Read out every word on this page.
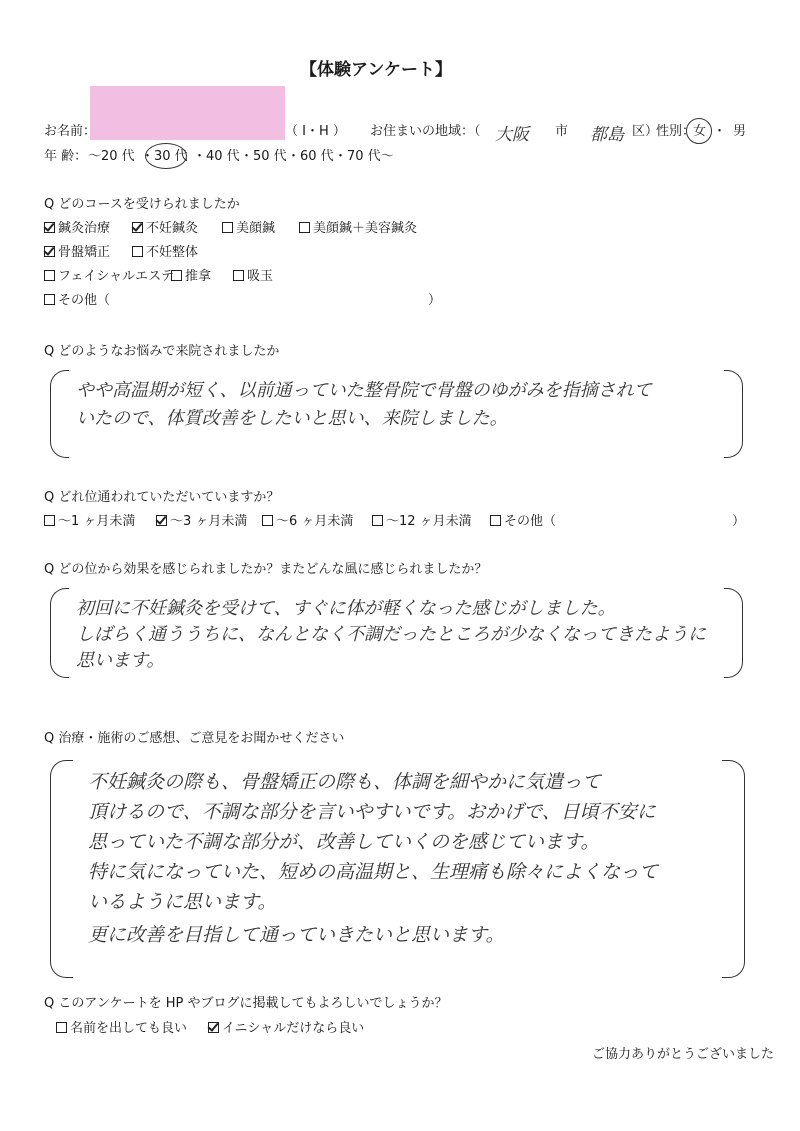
【体験アンケート】
お名前：	（ I・H ） お住まいの地域：（ 大阪 市 都島 区）
性別：
女 ・ 男
年 齢： ～20 代 ・30 代 ・40 代 ・50 代 ・60 代 ・70 代～
Q どのコースを受けられましたか
鍼灸治療	不妊鍼灸	美顔鍼	美顔鍼＋美容鍼灸
骨盤矯正	不妊整体
フェイシャルエステ 推拿	吸玉
その他（	）
Q どのようなお悩みで来院されましたか
やや高温期が短く、以前通っていた整骨院で骨盤のゆがみを指摘されて
いたので、体質改善をしたいと思い、来院しました。
Q どれ位通われていただいていますか？
～1 ヶ月未満	～3 ヶ月未満	～6 ヶ月未満	～12 ヶ月未満	その他（	）
Q どの位から効果を感じられましたか？またどんな風に感じられましたか？
初回に不妊鍼灸を受けて、すぐに体が軽くなった感じがしました。
しばらく通ううちに、なんとなく不調だったところが少なくなってきたように
思います。
Q 治療・施術のご感想、ご意見をお聞かせください
不妊鍼灸の際も、骨盤矯正の際も、体調を細やかに気遣って
頂けるので、不調な部分を言いやすいです。おかげで、日頃不安に
思っていた不調な部分が、改善していくのを感じています。
特に気になっていた、短めの高温期と、生理痛も除々によくなって
いるように思います。
更に改善を目指して通っていきたいと思います。
Q このアンケートを HP やブログに掲載してもよろしいでしょうか？
名前を出しても良い	イニシャルだけなら良い
ご協力ありがとうございました
